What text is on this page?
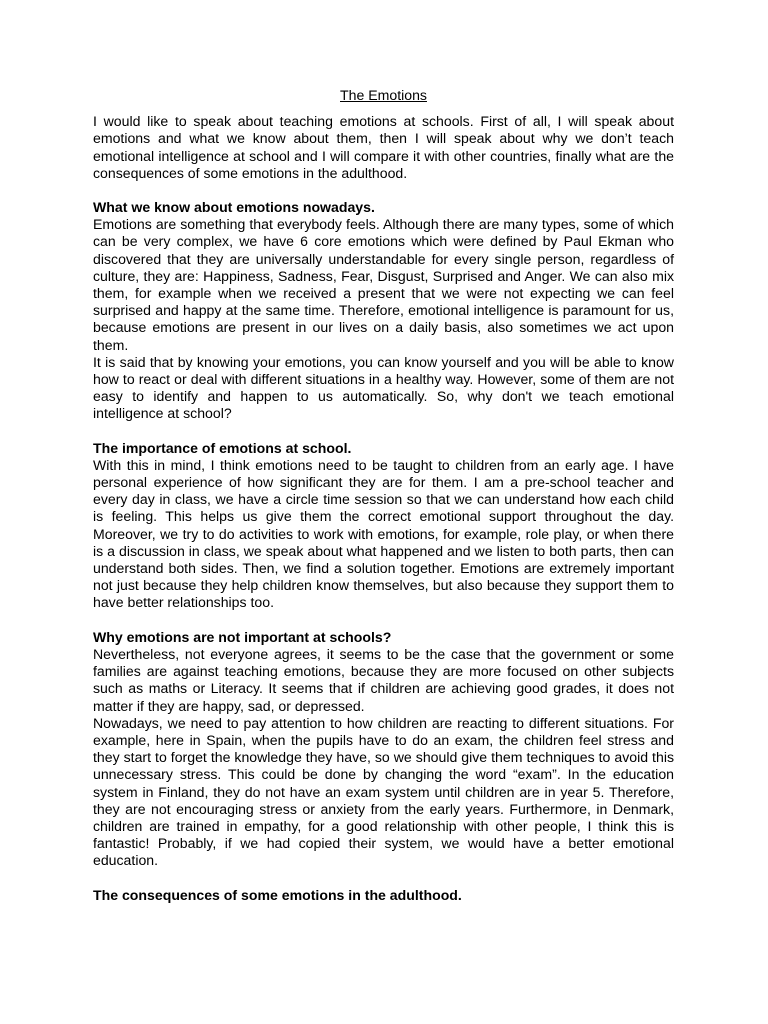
The Emotions

I would like to speak about teaching emotions at schools. First of all, I will speak about emotions and what we know about them, then I will speak about why we don’t teach emotional intelligence at school and I will compare it with other countries, finally what are the consequences of some emotions in the adulthood.

What we know about emotions nowadays.

Emotions are something that everybody feels. Although there are many types, some of which can be very complex, we have 6 core emotions which were defined by Paul Ekman who discovered that they are universally understandable for every single person, regardless of culture, they are: Happiness, Sadness, Fear, Disgust, Surprised and Anger. We can also mix them, for example when we received a present that we were not expecting we can feel surprised and happy at the same time. Therefore, emotional intelligence is paramount for us, because emotions are present in our lives on a daily basis, also sometimes we act upon them.

It is said that by knowing your emotions, you can know yourself and you will be able to know how to react or deal with different situations in a healthy way. However, some of them are not easy to identify and happen to us automatically. So, why don't we teach emotional intelligence at school?

The importance of emotions at school.

With this in mind, I think emotions need to be taught to children from an early age. I have personal experience of how significant they are for them. I am a pre-school teacher and every day in class, we have a circle time session so that we can understand how each child is feeling. This helps us give them the correct emotional support throughout the day. Moreover, we try to do activities to work with emotions, for example, role play, or when there is a discussion in class, we speak about what happened and we listen to both parts, then can understand both sides. Then, we find a solution together. Emotions are extremely important not just because they help children know themselves, but also because they support them to have better relationships too.

Why emotions are not important at schools?

Nevertheless, not everyone agrees, it seems to be the case that the government or some families are against teaching emotions, because they are more focused on other subjects such as maths or Literacy. It seems that if children are achieving good grades, it does not matter if they are happy, sad, or depressed.

Nowadays, we need to pay attention to how children are reacting to different situations. For example, here in Spain, when the pupils have to do an exam, the children feel stress and they start to forget the knowledge they have, so we should give them techniques to avoid this unnecessary stress. This could be done by changing the word “exam”. In the education system in Finland, they do not have an exam system until children are in year 5. Therefore, they are not encouraging stress or anxiety from the early years. Furthermore, in Denmark, children are trained in empathy, for a good relationship with other people, I think this is fantastic! Probably, if we had copied their system, we would have a better emotional education.

The consequences of some emotions in the adulthood.
